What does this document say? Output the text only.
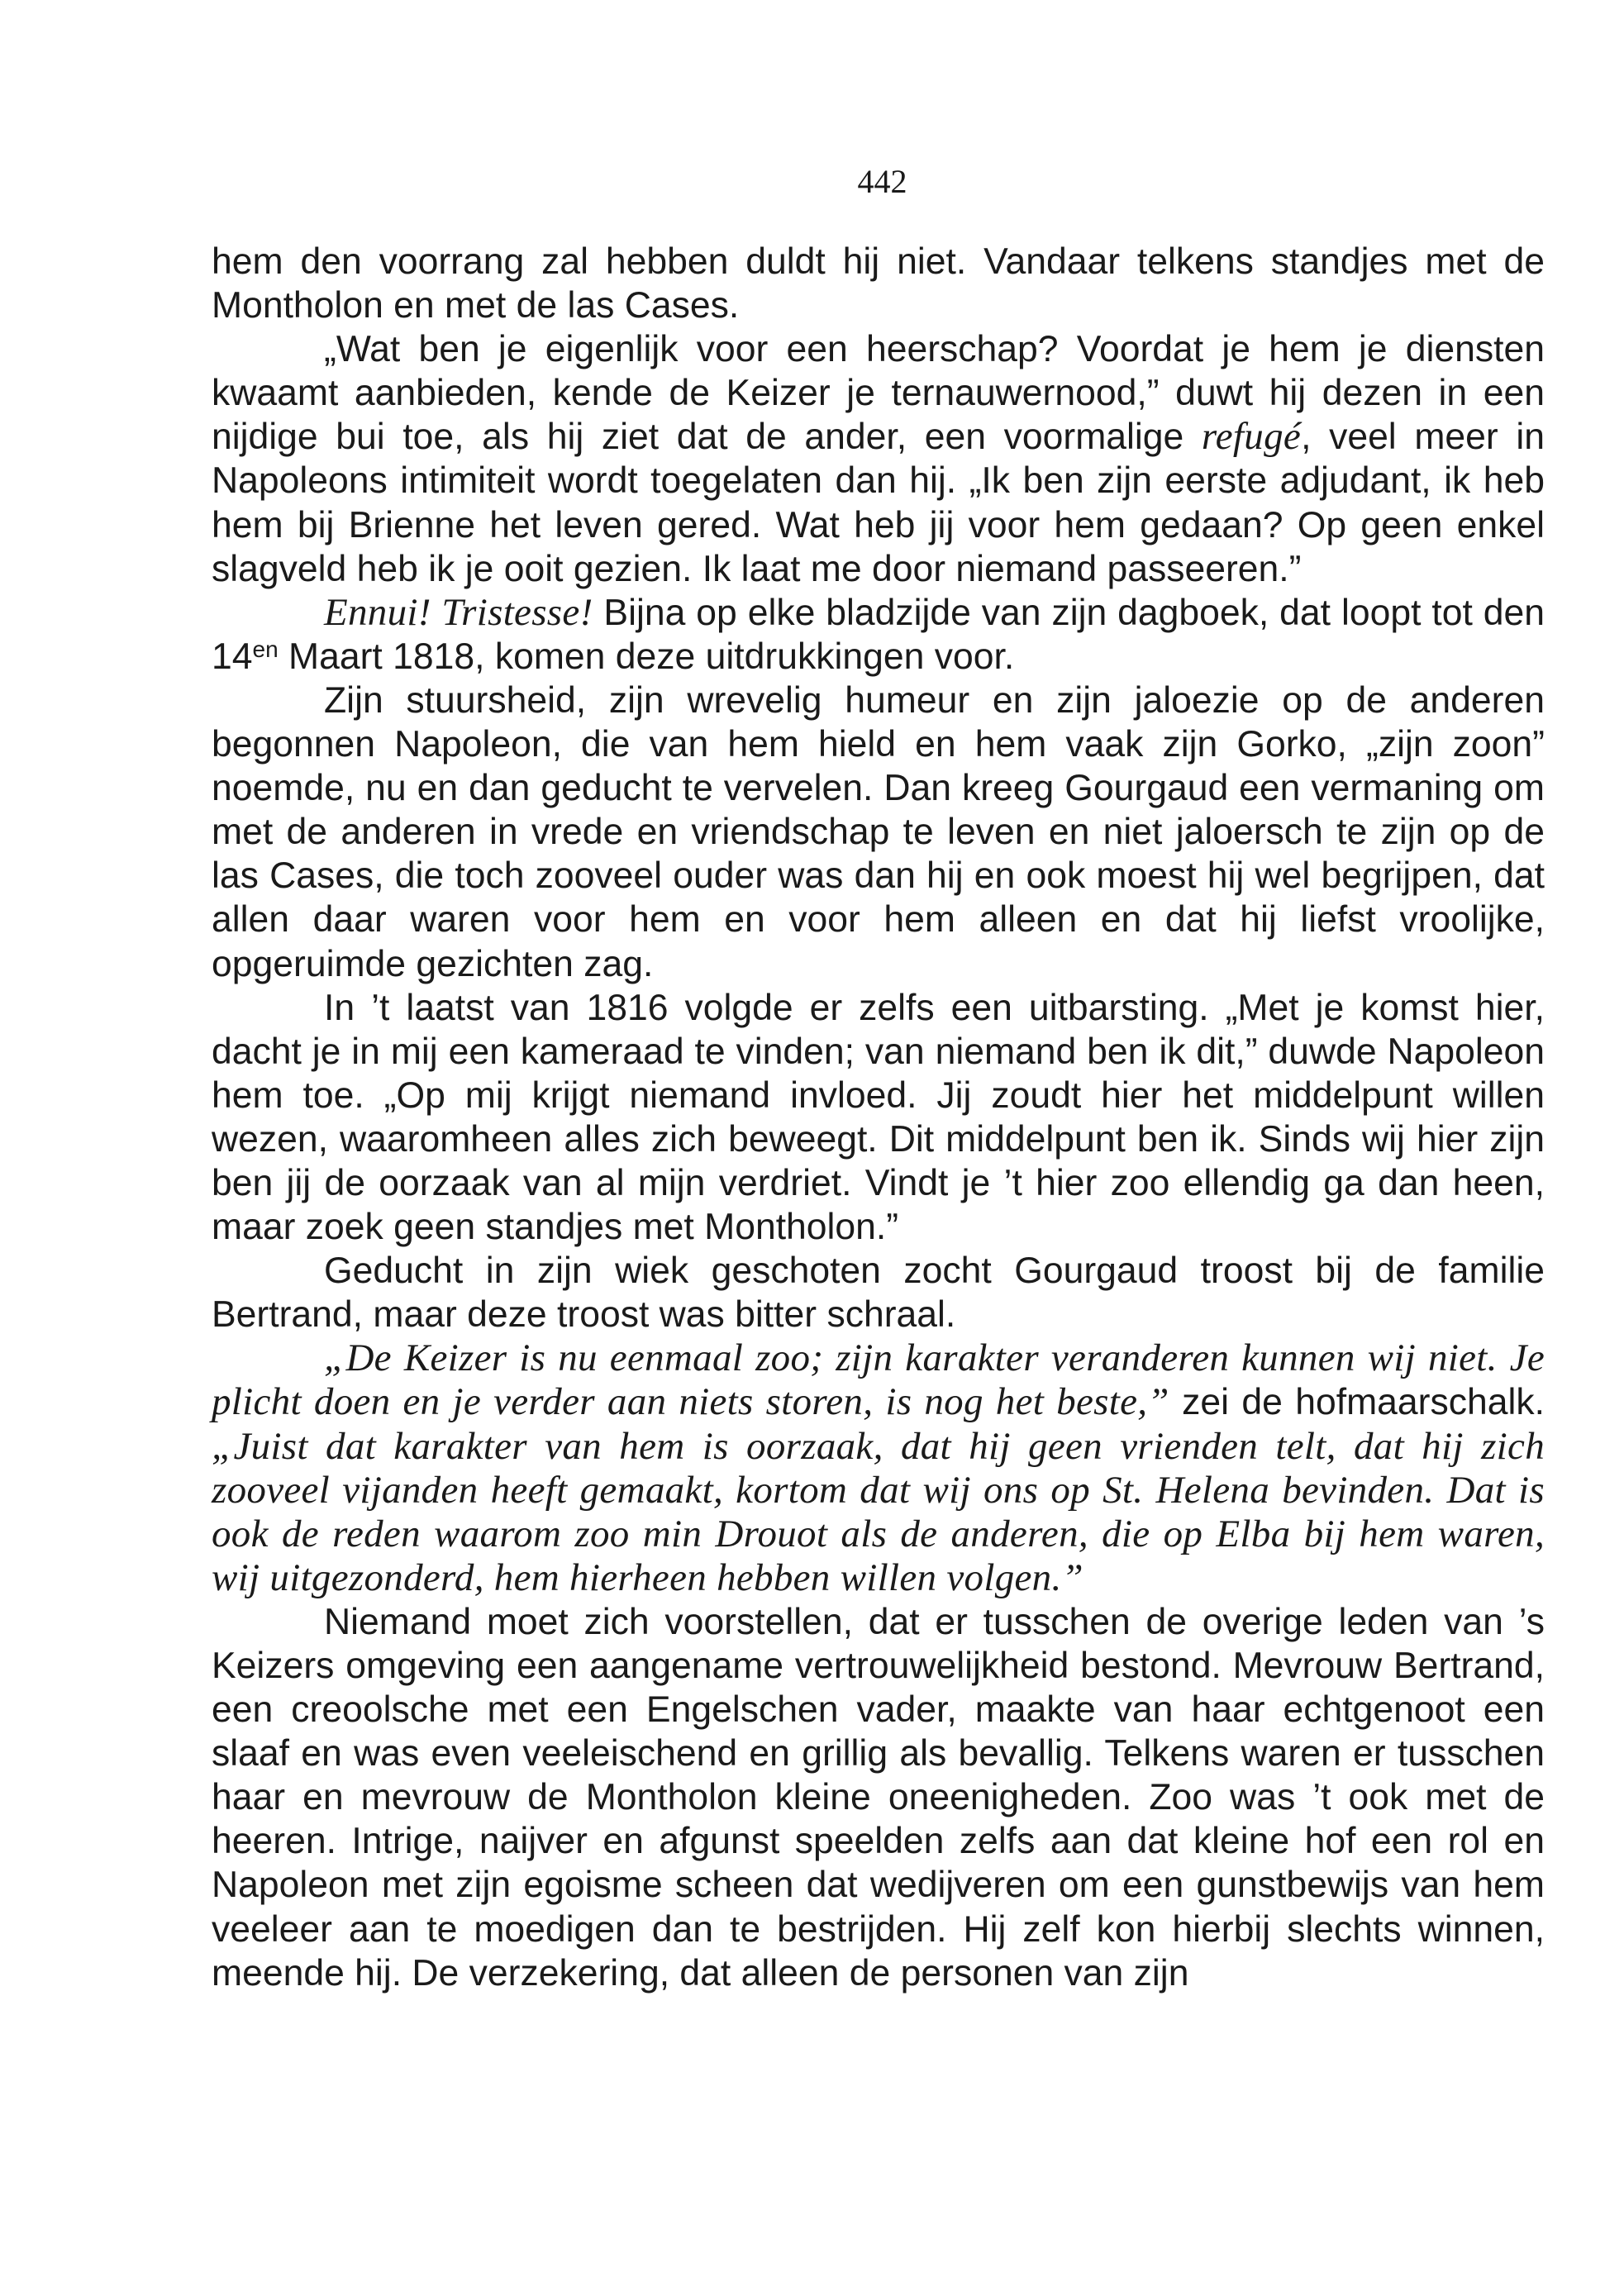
442

hem den voorrang zal hebben duldt hij niet. Vandaar telkens standjes met de Montholon en met de las Cases.

„Wat ben je eigenlijk voor een heerschap? Voordat je hem je diensten kwaamt aanbieden, kende de Keizer je ternauwernood,” duwt hij dezen in een nijdige bui toe, als hij ziet dat de ander, een voormalige refugé, veel meer in Napoleons intimiteit wordt toegelaten dan hij. „Ik ben zijn eerste adjudant, ik heb hem bij Brienne het leven gered. Wat heb jij voor hem gedaan? Op geen enkel slagveld heb ik je ooit gezien. Ik laat me door niemand passeeren.”

Ennui! Tristesse! Bijna op elke bladzijde van zijn dagboek, dat loopt tot den $14^{en}$ Maart 1818, komen deze uitdrukkingen voor.

Zijn stuursheid, zijn wrevelig humeur en zijn jaloezie op de anderen begonnen Napoleon, die van hem hield en hem vaak zijn Gorko, „zijn zoon” noemde, nu en dan geducht te vervelen. Dan kreeg Gourgaud een vermaning om met de anderen in vrede en vriendschap te leven en niet jaloersch te zijn op de las Cases, die toch zooveel ouder was dan hij en ook moest hij wel begrijpen, dat allen daar waren voor hem en voor hem alleen en dat hij liefst vroolijke, opgeruimde gezichten zag.

In ’t laatst van 1816 volgde er zelfs een uitbarsting. „Met je komst hier, dacht je in mij een kameraad te vinden; van niemand ben ik dit,” duwde Napoleon hem toe. „Op mij krijgt niemand invloed. Jij zoudt hier het middelpunt willen wezen, waaromheen alles zich beweegt. Dit middelpunt ben ik. Sinds wij hier zijn ben jij de oorzaak van al mijn verdriet. Vindt je ’t hier zoo ellendig ga dan heen, maar zoek geen standjes met Montholon.”

Geducht in zijn wiek geschoten zocht Gourgaud troost bij de familie Bertrand, maar deze troost was bitter schraal.

„De Keizer is nu eenmaal zoo; zijn karakter veranderen kunnen wij niet. Je plicht doen en je verder aan niets storen, is nog het beste,” zei de hofmaarschalk. „Juist dat karakter van hem is oorzaak, dat hij geen vrienden telt, dat hij zich zooveel vijanden heeft gemaakt, kortom dat wij ons op St. Helena bevinden. Dat is ook de reden waarom zoo min Drouot als de anderen, die op Elba bij hem waren, wij uitgezonderd, hem hierheen hebben willen volgen.”

Niemand moet zich voorstellen, dat er tusschen de overige leden van ’s Keizers omgeving een aangename vertrouwelijkheid bestond. Mevrouw Bertrand, een creoolsche met een Engelschen vader, maakte van haar echtgenoot een slaaf en was even veeleischend en grillig als bevallig. Telkens waren er tusschen haar en mevrouw de Montholon kleine oneenigheden. Zoo was ’t ook met de heeren. Intrige, naijver en afgunst speelden zelfs aan dat kleine hof een rol en Napoleon met zijn egoisme scheen dat wedijveren om een gunstbewijs van hem veeleer aan te moedigen dan te bestrijden. Hij zelf kon hierbij slechts winnen, meende hij. De verzekering, dat alleen de personen van zijn
